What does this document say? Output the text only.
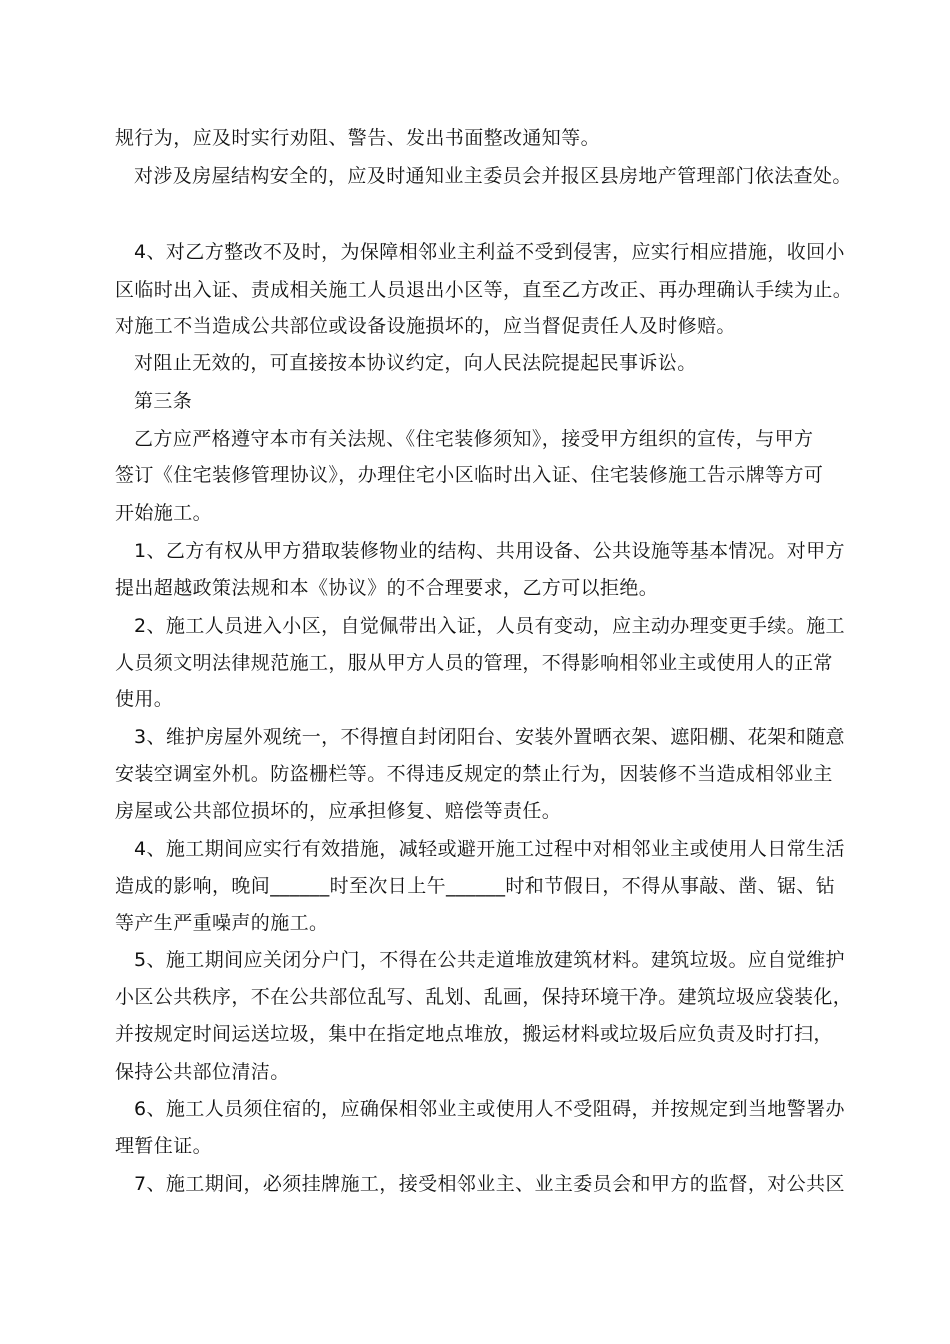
规行为，应及时实行劝阻、警告、发出书面整改通知等。
对涉及房屋结构安全的，应及时通知业主委员会并报区县房地产管理部门依法查处。
4、对乙方整改不及时，为保障相邻业主利益不受到侵害，应实行相应措施，收回小
区临时出入证、责成相关施工人员退出小区等，直至乙方改正、再办理确认手续为止。
对施工不当造成公共部位或设备设施损坏的，应当督促责任人及时修赔。
对阻止无效的，可直接按本协议约定，向人民法院提起民事诉讼。
第三条
乙方应严格遵守本市有关法规、《住宅装修须知》，接受甲方组织的宣传，与甲方
签订《住宅装修管理协议》，办理住宅小区临时出入证、住宅装修施工告示牌等方可
开始施工。
1、乙方有权从甲方猎取装修物业的结构、共用设备、公共设施等基本情况。对甲方
提出超越政策法规和本《协议》的不合理要求，乙方可以拒绝。
2、施工人员进入小区，自觉佩带出入证，人员有变动，应主动办理变更手续。施工
人员须文明法律规范施工，服从甲方人员的管理，不得影响相邻业主或使用人的正常
使用。
3、维护房屋外观统一，不得擅自封闭阳台、安装外置晒衣架、遮阳棚、花架和随意
安装空调室外机。防盗栅栏等。不得违反规定的禁止行为，因装修不当造成相邻业主
房屋或公共部位损坏的，应承担修复、赔偿等责任。
4、施工期间应实行有效措施，减轻或避开施工过程中对相邻业主或使用人日常生活
造成的影响，晚间______时至次日上午______时和节假日，不得从事敲、凿、锯、钻
等产生严重噪声的施工。
5、施工期间应关闭分户门，不得在公共走道堆放建筑材料。建筑垃圾。应自觉维护
小区公共秩序，不在公共部位乱写、乱划、乱画，保持环境干净。建筑垃圾应袋装化，
并按规定时间运送垃圾，集中在指定地点堆放，搬运材料或垃圾后应负责及时打扫，
保持公共部位清洁。
6、施工人员须住宿的，应确保相邻业主或使用人不受阻碍，并按规定到当地警署办
理暂住证。
7、施工期间，必须挂牌施工，接受相邻业主、业主委员会和甲方的监督，对公共区
